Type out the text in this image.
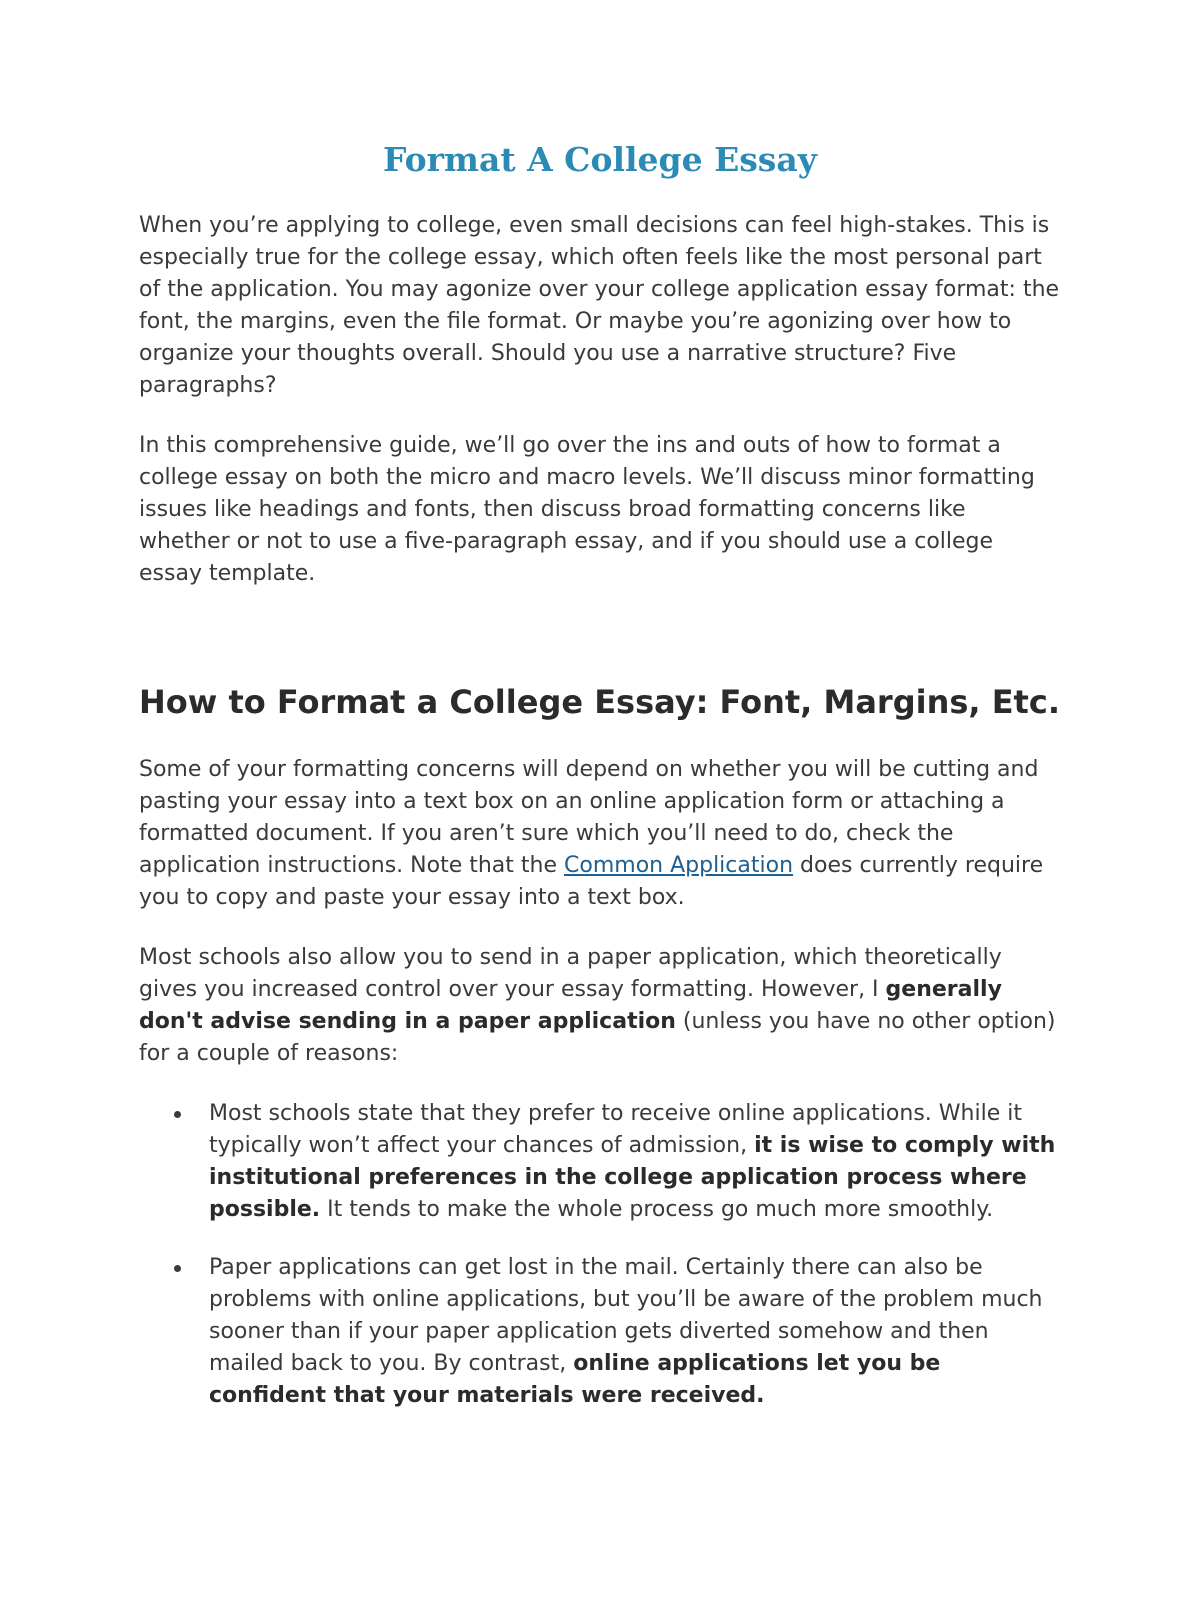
Format A College Essay

When you’re applying to college, even small decisions can feel high-stakes. This is especially true for the college essay, which often feels like the most personal part of the application. You may agonize over your college application essay format: the font, the margins, even the file format. Or maybe you’re agonizing over how to organize your thoughts overall. Should you use a narrative structure? Five paragraphs?

In this comprehensive guide, we’ll go over the ins and outs of how to format a college essay on both the micro and macro levels. We’ll discuss minor formatting issues like headings and fonts, then discuss broad formatting concerns like whether or not to use a five-paragraph essay, and if you should use a college essay template.

How to Format a College Essay: Font, Margins, Etc.

Some of your formatting concerns will depend on whether you will be cutting and pasting your essay into a text box on an online application form or attaching a formatted document. If you aren’t sure which you’ll need to do, check the application instructions. Note that the Common Application does currently require you to copy and paste your essay into a text box.

Most schools also allow you to send in a paper application, which theoretically gives you increased control over your essay formatting. However, I generally don't advise sending in a paper application (unless you have no other option) for a couple of reasons:

Most schools state that they prefer to receive online applications. While it typically won’t affect your chances of admission, it is wise to comply with institutional preferences in the college application process where possible. It tends to make the whole process go much more smoothly.
Paper applications can get lost in the mail. Certainly there can also be problems with online applications, but you’ll be aware of the problem much sooner than if your paper application gets diverted somehow and then mailed back to you. By contrast, online applications let you be confident that your materials were received.
